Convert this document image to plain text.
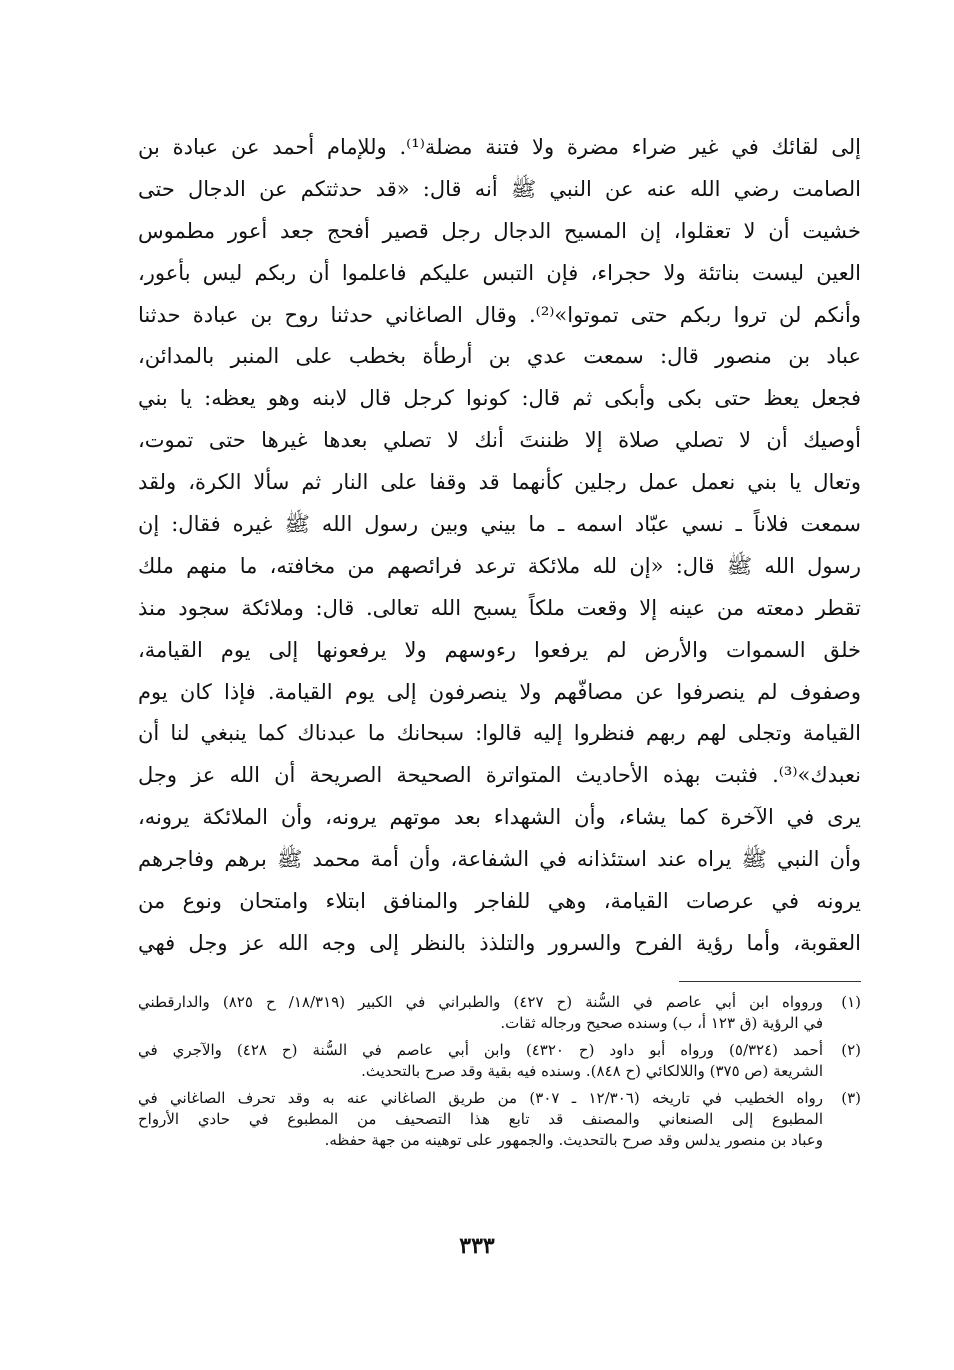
إلى لقائك في غير ضراء مضرة ولا فتنة مضلة⁽¹⁾. وللإمام أحمد عن عبادة بن
الصامت رضي الله عنه عن النبي ﷺ أنه قال: «قد حدثتكم عن الدجال حتى
خشيت أن لا تعقلوا، إن المسيح الدجال رجل قصير أفحج جعد أعور مطموس
العين ليست بناتئة ولا حجراء، فإن التبس عليكم فاعلموا أن ربكم ليس بأعور،
وأنكم لن تروا ربكم حتى تموتوا»⁽²⁾. وقال الصاغاني حدثنا روح بن عبادة حدثنا
عباد بن منصور قال: سمعت عدي بن أرطأة بخطب على المنبر بالمدائن،
فجعل يعظ حتى بكى وأبكى ثم قال: كونوا كرجل قال لابنه وهو يعظه: يا بني
أوصيك أن لا تصلي صلاة إلا ظننتَ أنك لا تصلي بعدها غيرها حتى تموت،
وتعال يا بني نعمل عمل رجلين كأنهما قد وقفا على النار ثم سألا الكرة، ولقد
سمعت فلاناً ـ نسي عبّاد اسمه ـ ما بيني وبين رسول الله ﷺ غيره فقال: إن
رسول الله ﷺ قال: «إن لله ملائكة ترعد فرائصهم من مخافته، ما منهم ملك
تقطر دمعته من عينه إلا وقعت ملكاً يسبح الله تعالى. قال: وملائكة سجود منذ
خلق السموات والأرض لم يرفعوا رءوسهم ولا يرفعونها إلى يوم القيامة،
وصفوف لم ينصرفوا عن مصافّهم ولا ينصرفون إلى يوم القيامة. فإذا كان يوم
القيامة وتجلى لهم ربهم فنظروا إليه قالوا: سبحانك ما عبدناك كما ينبغي لنا أن
نعبدك»⁽³⁾. فثبت بهذه الأحاديث المتواترة الصحيحة الصريحة أن الله عز وجل
يرى في الآخرة كما يشاء، وأن الشهداء بعد موتهم يرونه، وأن الملائكة يرونه،
وأن النبي ﷺ يراه عند استئذانه في الشفاعة، وأن أمة محمد ﷺ برهم وفاجرهم
يرونه في عرصات القيامة، وهي للفاجر والمنافق ابتلاء وامتحان ونوع من
العقوبة، وأما رؤية الفرح والسرور والتلذذ بالنظر إلى وجه الله عز وجل فهي
(١)
وروواه ابن أبي عاصم في السُّنة (ح ٤٢٧) والطبراني في الكبير (١٨/٣١٩/ ح ٨٢٥) والدارقطني
في الرؤية (ق ١٢٣ أ، ب) وسنده صحيح ورجاله ثقات.
(٢)
أحمد (٥/٣٢٤) ورواه أبو داود (ح ٤٣٢٠) وابن أبي عاصم في السُّنة (ح ٤٢٨) والآجري في
الشريعة (ص ٣٧٥) واللالكائي (ح ٨٤٨). وسنده فيه بقية وقد صرح بالتحديث.
(٣)
رواه الخطيب في تاريخه (١٢/٣٠٦ ـ ٣٠٧) من طريق الصاغاني عنه به وقد تحرف الصاغاني في
المطبوع إلى الصنعاني والمصنف قد تابع هذا التصحيف من المطبوع في حادي الأرواح
وعباد بن منصور يدلس وقد صرح بالتحديث. والجمهور على توهينه من جهة حفظه.
٣٣٣
